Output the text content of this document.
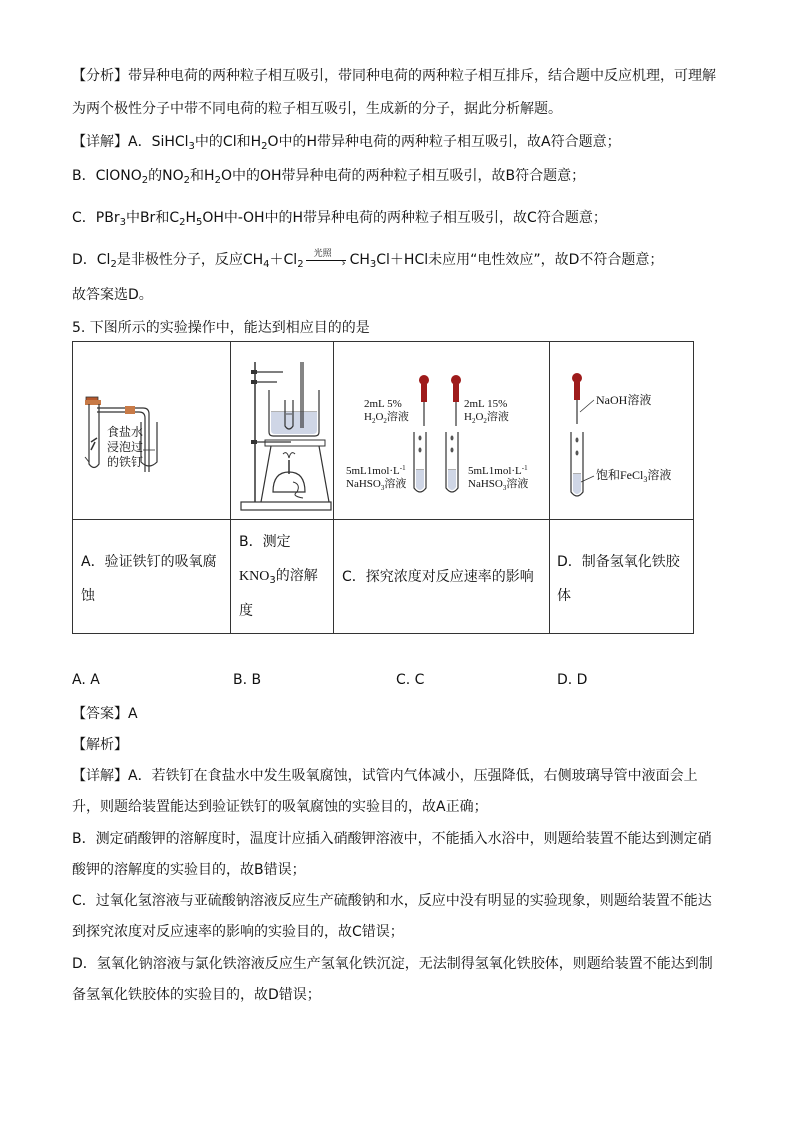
【分析】带异种电荷的两种粒子相互吸引，带同种电荷的两种粒子相互排斥，结合题中反应机理，可理解
为两个极性分子中带不同电荷的粒子相互吸引，生成新的分子，据此分析解题。
【详解】A．SiHCl$_3$中的Cl和$H_2O$中的H带异种电荷的两种粒子相互吸引，故A符合题意；
B．ClONO$_2$的$NO_2$和$H_2O$中的OH带异种电荷的两种粒子相互吸引，故B符合题意；
C．PBr$_3$中Br和$C_2H_5OH$中-OH中的H带异种电荷的两种粒子相互吸引，故C符合题意；
D．$Cl_2$是非极性分子，反应$CH_4+Cl_2$
光照
› $CH_3Cl+HCl$未应用“电性效应”，故D不符合题意；
故答案选D。
5. 下图所示的实验操作中，能达到相应目的的是
食盐水
浸泡过
的铁钉
2mL 5%
$H_2O_2$溶液
2mL 15%
$H_2O_2$溶液
$5mL1mol\cdot L^{-1}$
NaHSO$_3$溶液
$5mL1mol\cdot L^{-1}$
NaHSO$_3$溶液
NaOH溶液
饱和FeCl$_3$溶液
A．验证铁钉的吸氧腐
蚀
B．测定
$KNO_3$的溶解
度
C．探究浓度对反应速率的影响
D．制备氢氧化铁胶
体
A. A	B. B	C. C	D. D
【答案】A
【解析】
【详解】A．若铁钉在食盐水中发生吸氧腐蚀，试管内气体减小，压强降低，右侧玻璃导管中液面会上
升，则题给装置能达到验证铁钉的吸氧腐蚀的实验目的，故A正确；
B．测定硝酸钾的溶解度时，温度计应插入硝酸钾溶液中，不能插入水浴中，则题给装置不能达到测定硝
酸钾的溶解度的实验目的，故B错误；
C．过氧化氢溶液与亚硫酸钠溶液反应生产硫酸钠和水，反应中没有明显的实验现象，则题给装置不能达
到探究浓度对反应速率的影响的实验目的，故C错误；
D．氢氧化钠溶液与氯化铁溶液反应生产氢氧化铁沉淀，无法制得氢氧化铁胶体，则题给装置不能达到制
备氢氧化铁胶体的实验目的，故D错误；
